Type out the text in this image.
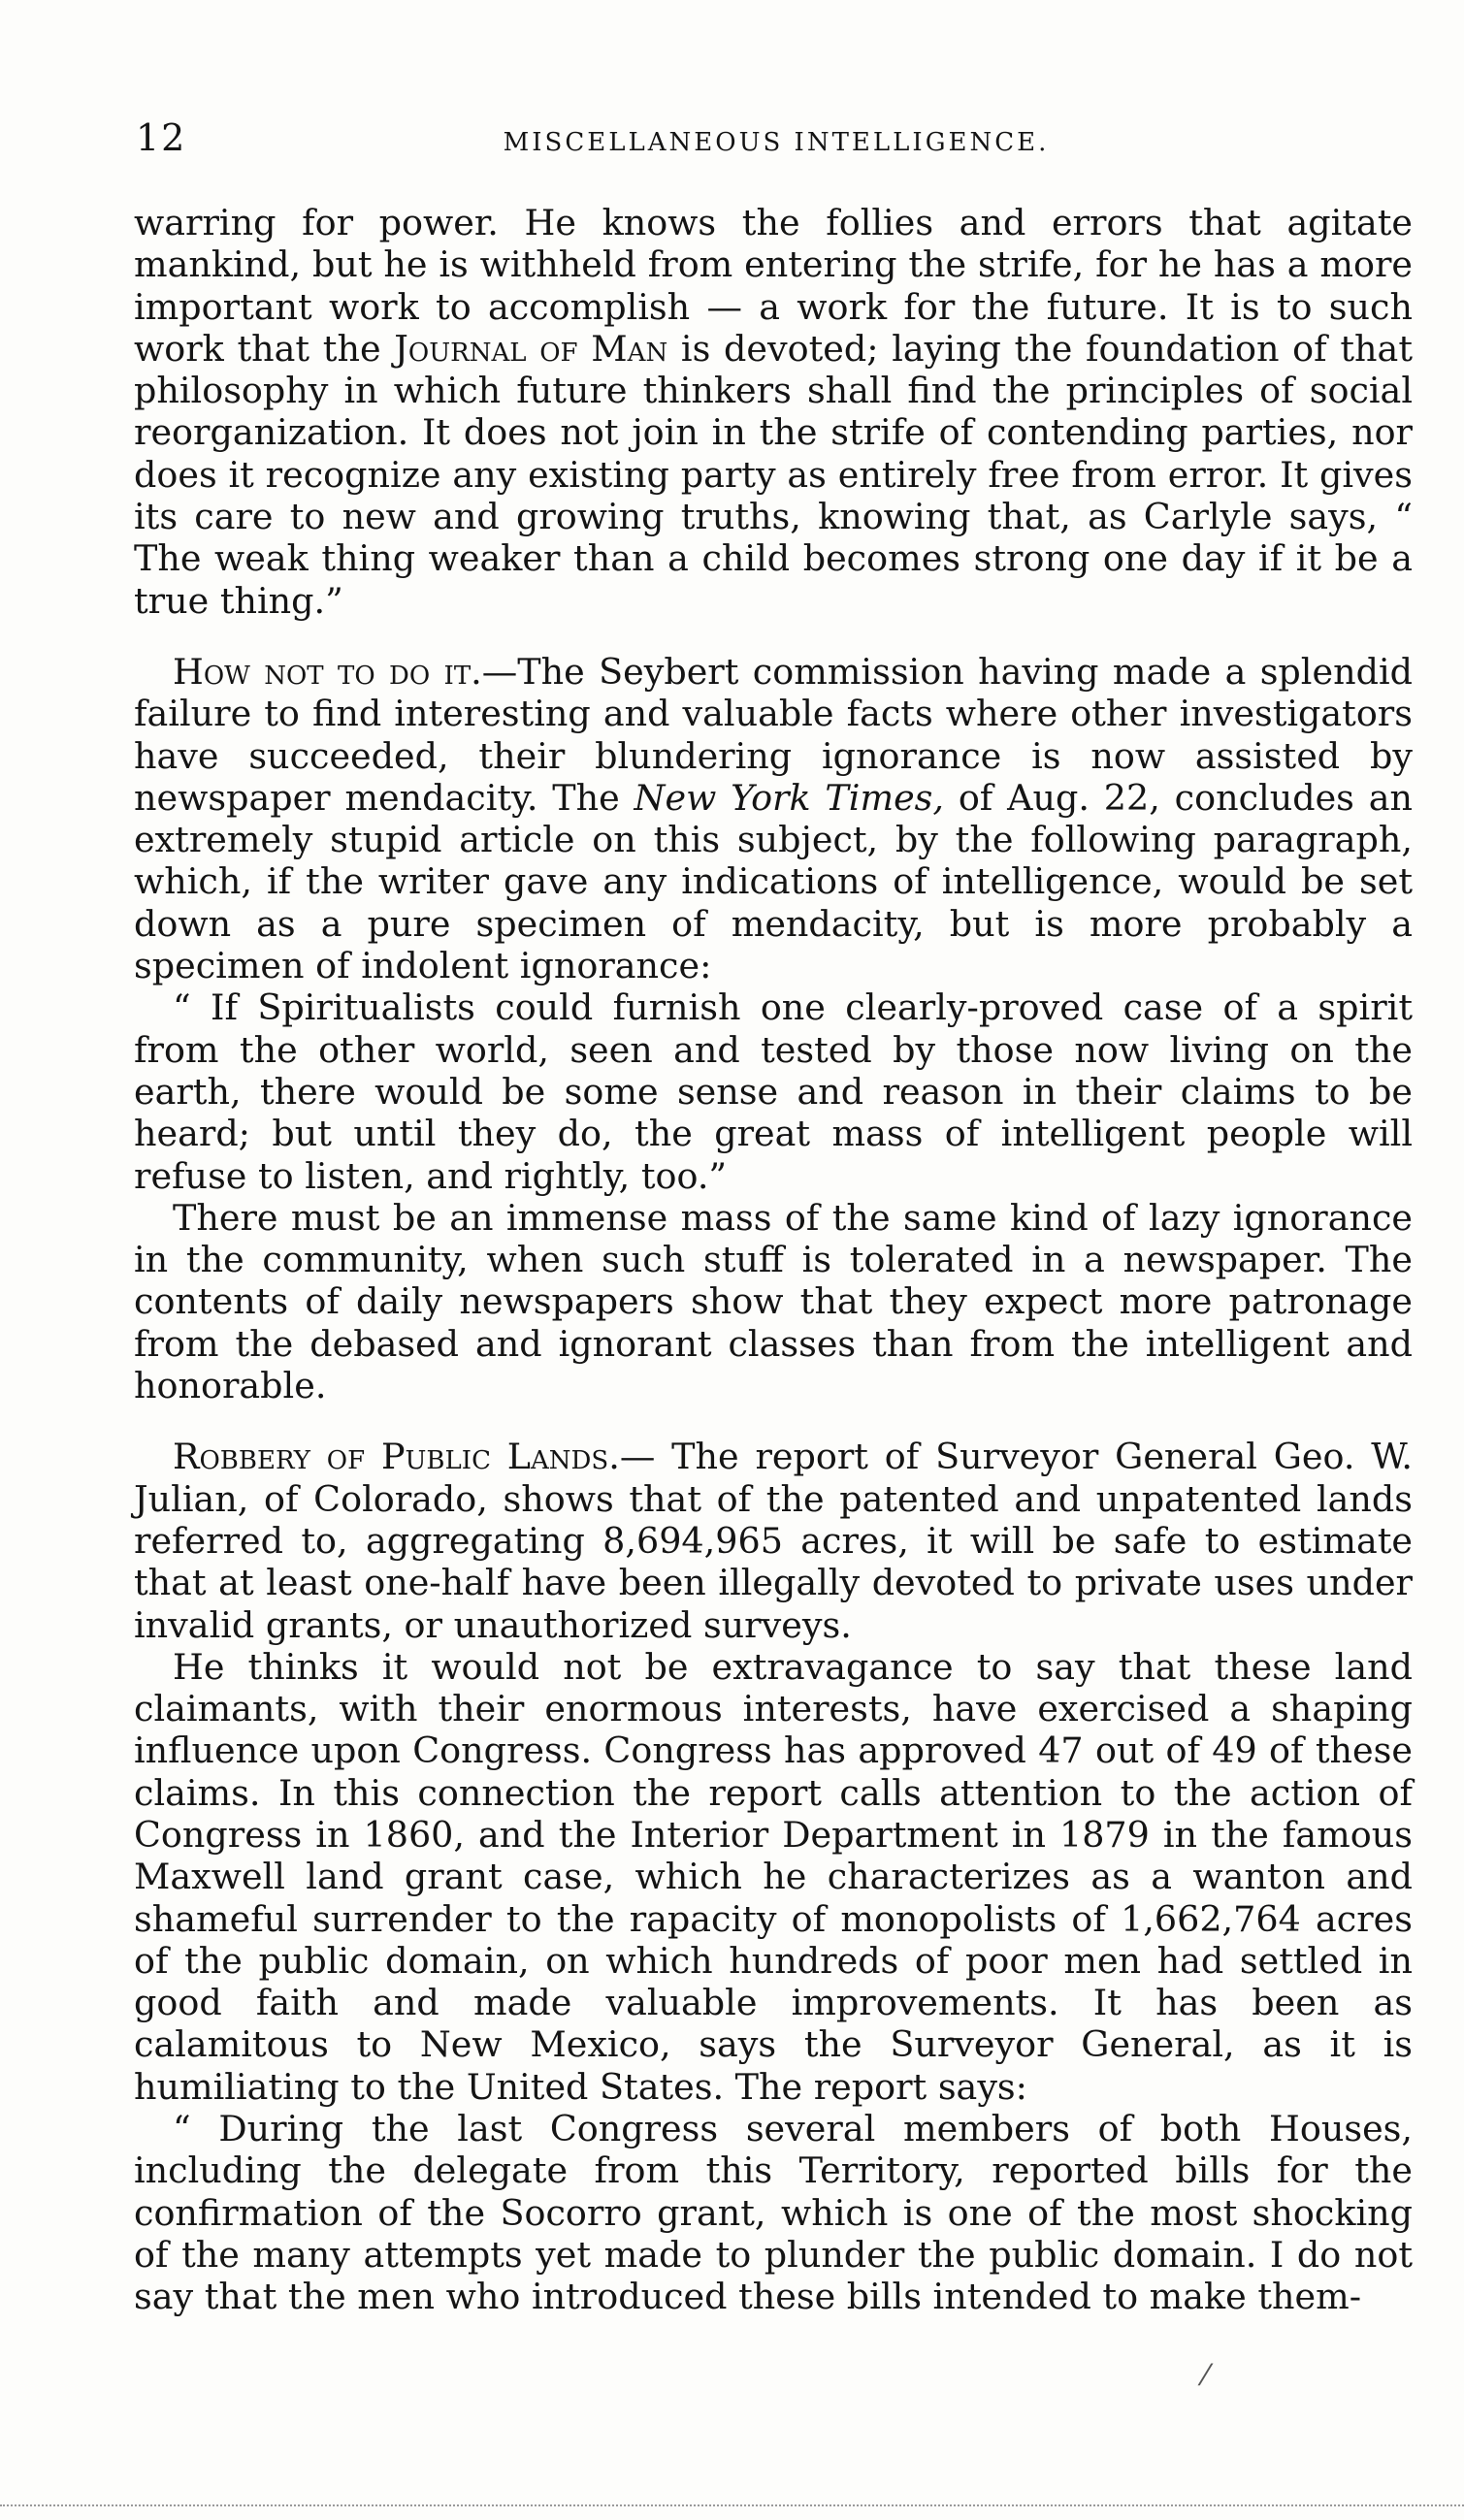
12	MISCELLANEOUS INTELLIGENCE.

warring for power. He knows the follies and errors that agitate mankind, but he is withheld from entering the strife, for he has a more important work to accomplish — a work for the future. It is to such work that the Journal of Man is devoted; laying the foundation of that philosophy in which future thinkers shall find the principles of social reorganization. It does not join in the strife of contending parties, nor does it recognize any existing party as entirely free from error. It gives its care to new and growing truths, knowing that, as Carlyle says, “ The weak thing weaker than a child becomes strong one day if it be a true thing.”

How not to do it.—The Seybert commission having made a splendid failure to find interesting and valuable facts where other investigators have succeeded, their blundering ignorance is now assisted by newspaper mendacity. The New York Times, of Aug. 22, concludes an extremely stupid article on this subject, by the following paragraph, which, if the writer gave any indications of intelligence, would be set down as a pure specimen of mendacity, but is more probably a specimen of indolent ignorance:

“ If Spiritualists could furnish one clearly-proved case of a spirit from the other world, seen and tested by those now living on the earth, there would be some sense and reason in their claims to be heard; but until they do, the great mass of intelligent people will refuse to listen, and rightly, too.”

There must be an immense mass of the same kind of lazy ignorance in the community, when such stuff is tolerated in a newspaper. The contents of daily newspapers show that they expect more patronage from the debased and ignorant classes than from the intelligent and honorable.

Robbery of Public Lands.— The report of Surveyor General Geo. W. Julian, of Colorado, shows that of the patented and unpatented lands referred to, aggregating 8,694,965 acres, it will be safe to estimate that at least one-half have been illegally devoted to private uses under invalid grants, or unauthorized surveys.

He thinks it would not be extravagance to say that these land claimants, with their enormous interests, have exercised a shaping influence upon Congress. Congress has approved 47 out of 49 of these claims. In this connection the report calls attention to the action of Congress in 1860, and the Interior Department in 1879 in the famous Maxwell land grant case, which he characterizes as a wanton and shameful surrender to the rapacity of monopolists of 1,662,764 acres of the public domain, on which hundreds of poor men had settled in good faith and made valuable improvements. It has been as calamitous to New Mexico, says the Surveyor General, as it is humiliating to the United States. The report says:

“ During the last Congress several members of both Houses, including the delegate from this Territory, reported bills for the confirmation of the Socorro grant, which is one of the most shocking of the many attempts yet made to plunder the public domain. I do not say that the men who introduced these bills intended to make them-

⁄
